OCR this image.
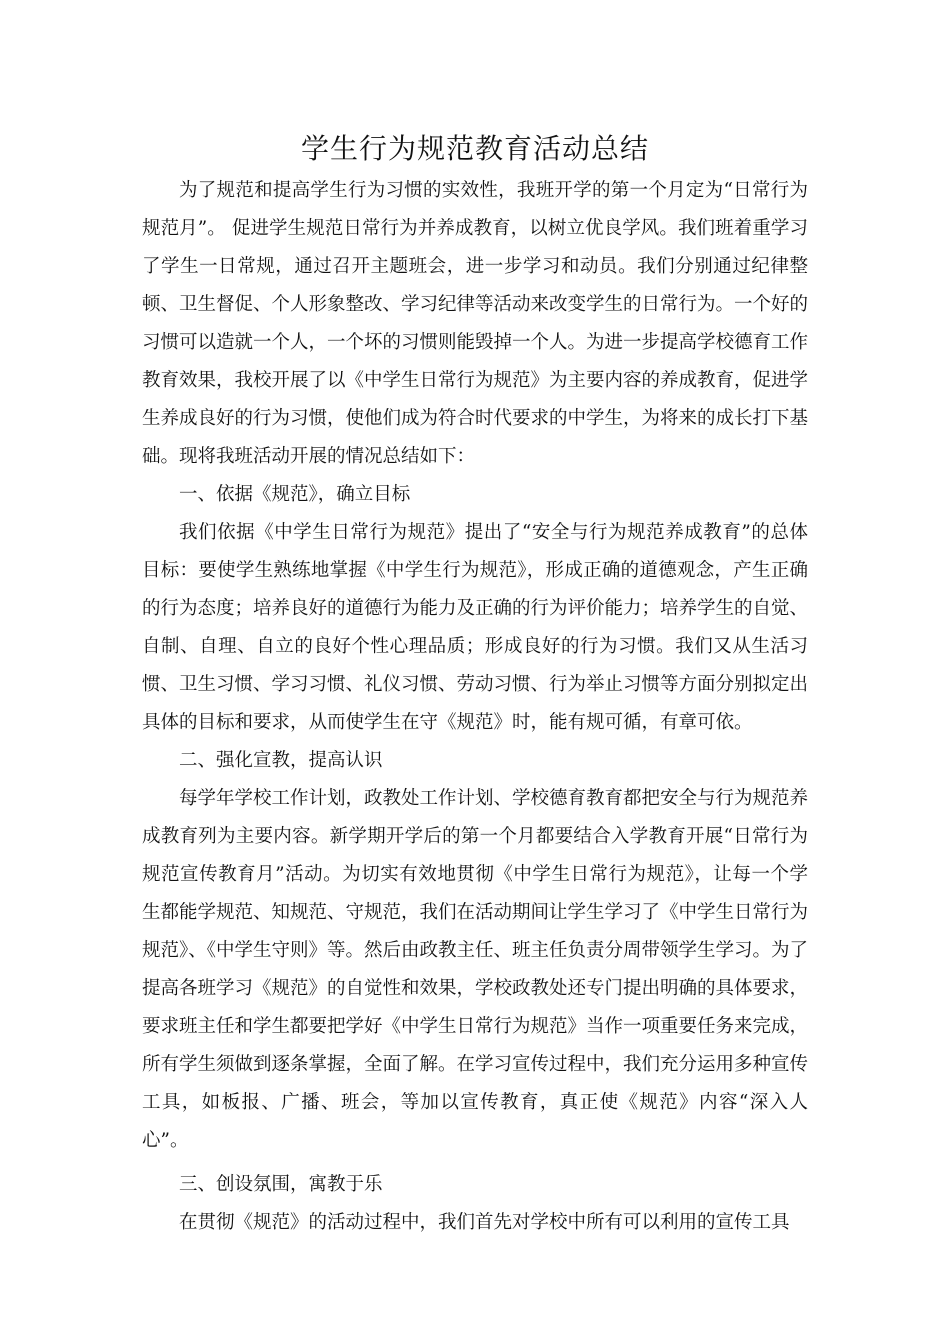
学生行为规范教育活动总结

为了规范和提高学生行为习惯的实效性，我班开学的第一个月定为“日常行为规范月”。 促进学生规范日常行为并养成教育，以树立优良学风。我们班着重学习了学生一日常规，通过召开主题班会，进一步学习和动员。我们分别通过纪律整顿、卫生督促、个人形象整改、学习纪律等活动来改变学生的日常行为。一个好的习惯可以造就一个人，一个坏的习惯则能毁掉一个人。为进一步提高学校德育工作教育效果，我校开展了以《中学生日常行为规范》为主要内容的养成教育，促进学生养成良好的行为习惯，使他们成为符合时代要求的中学生，为将来的成长打下基础。现将我班活动开展的情况总结如下：

一、依据《规范》，确立目标

我们依据《中学生日常行为规范》提出了“安全与行为规范养成教育”的总体目标：要使学生熟练地掌握《中学生行为规范》，形成正确的道德观念，产生正确的行为态度；培养良好的道德行为能力及正确的行为评价能力；培养学生的自觉、自制、自理、自立的良好个性心理品质；形成良好的行为习惯。我们又从生活习惯、卫生习惯、学习习惯、礼仪习惯、劳动习惯、行为举止习惯等方面分别拟定出具体的目标和要求，从而使学生在守《规范》时，能有规可循，有章可依。

二、强化宣教，提高认识

每学年学校工作计划，政教处工作计划、学校德育教育都把安全与行为规范养成教育列为主要内容。新学期开学后的第一个月都要结合入学教育开展“日常行为规范宣传教育月”活动。为切实有效地贯彻《中学生日常行为规范》，让每一个学生都能学规范、知规范、守规范，我们在活动期间让学生学习了《中学生日常行为规范》、《中学生守则》等。然后由政教主任、班主任负责分周带领学生学习。为了提高各班学习《规范》的自觉性和效果，学校政教处还专门提出明确的具体要求，要求班主任和学生都要把学好《中学生日常行为规范》当作一项重要任务来完成，所有学生须做到逐条掌握，全面了解。在学习宣传过程中，我们充分运用多种宣传工具，如板报、广播、班会，等加以宣传教育，真正使《规范》内容“深入人心”。

三、创设氛围，寓教于乐

在贯彻《规范》的活动过程中，我们首先对学校中所有可以利用的宣传工具
